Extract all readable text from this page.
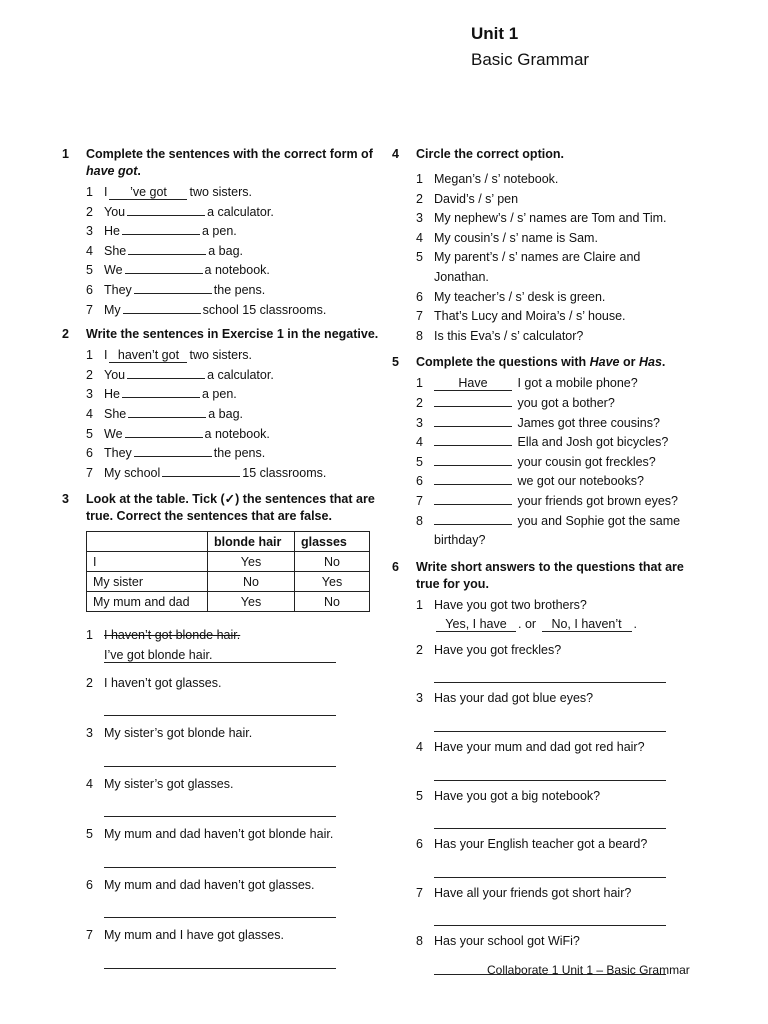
Unit 1
Basic Grammar
1	Complete the sentences with the correct form of have got.
1 I ’ve got two sisters.
2 You	a calculator.
3 He	a pen.
4 She	a bag.
5 We	a notebook.
6 They	the pens.
7 My	school 15 classrooms.
2	Write the sentences in Exercise 1 in the negative.
1 I haven’t got two sisters.
2 You	a calculator.
3 He	a pen.
4 She	a bag.
5 We	a notebook.
6 They	the pens.
7 My school	15 classrooms.
3	Look at the table. Tick (✓) the sentences that are true. Correct the sentences that are false.
	blonde hair	glasses
I	Yes	No
My sister	No	Yes
My mum and dad	Yes	No
1 I haven’t got blonde hair.
I’ve got blonde hair.
2 I haven’t got glasses.
3 My sister’s got blonde hair.
4 My sister’s got glasses.
5 My mum and dad haven’t got blonde hair.
6 My mum and dad haven’t got glasses.
7 My mum and I have got glasses.
4	Circle the correct option.
1 Megan’s / s’ notebook.
2 David’s / s’ pen
3 My nephew’s / s’ names are Tom and Tim.
4 My cousin’s / s’ name is Sam.
5 My parent’s / s’ names are Claire and Jonathan.
6 My teacher’s / s’ desk is green.
7 That’s Lucy and Moira’s / s’ house.
8 Is this Eva’s / s’ calculator?
5	Complete the questions with Have or Has.
1	Have I got a mobile phone?
2	you got a bother?
3	James got three cousins?
4	Ella and Josh got bicycles?
5	your cousin got freckles?
6	we got our notebooks?
7	your friends got brown eyes?
8	you and Sophie got the same birthday?
6	Write short answers to the questions that are true for you.
1 Have you got two brothers?
Yes, I have . or No, I haven’t .
2 Have you got freckles?
3 Has your dad got blue eyes?
4 Have your mum and dad got red hair?
5 Have you got a big notebook?
6 Has your English teacher got a beard?
7 Have all your friends got short hair?
8 Has your school got WiFi?
Collaborate 1 Unit 1 – Basic Grammar
